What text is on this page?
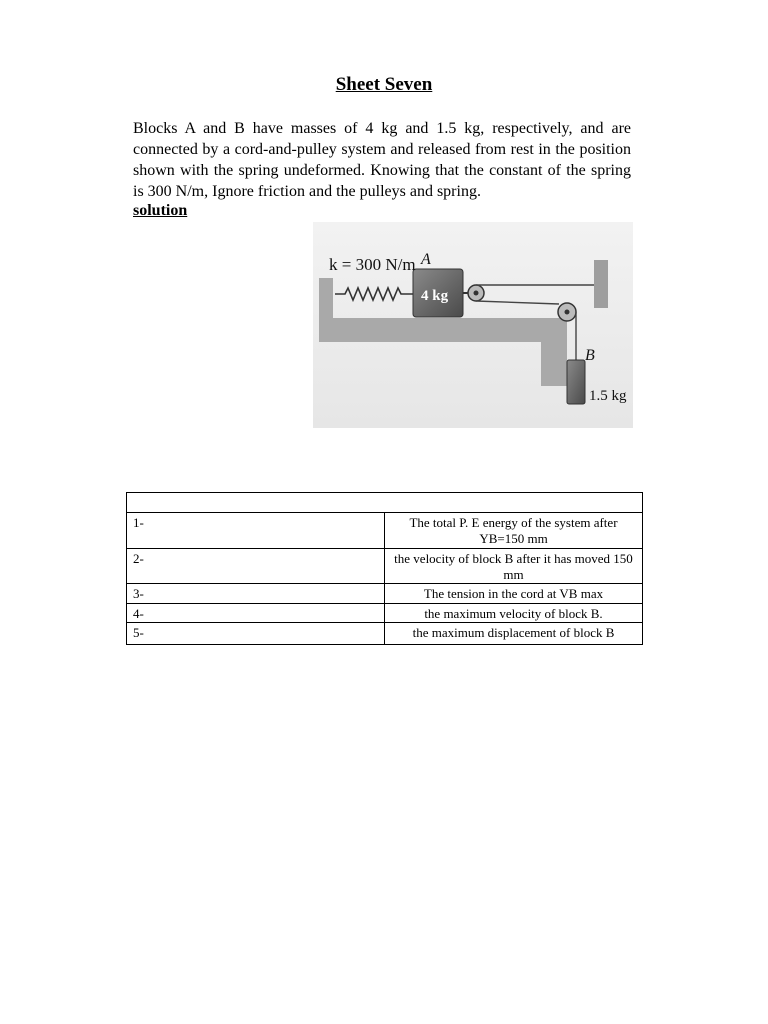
Sheet Seven
Blocks A and B have masses of 4 kg and 1.5 kg, respectively, and are connected by a cord-and-pulley system and released from rest in the position shown with the spring undeformed. Knowing that the constant of the spring is 300 N/m, Ignore friction and the pulleys and spring.
solution
k = 300 N/m A
4 kg
B
1.5 kg

1-	The total P. E energy of the system after YB=150 mm
2-	the velocity of block B after it has moved 150 mm
3-	The tension in the cord at VB max
4-	the maximum velocity of block B.
5-	the maximum displacement of block B
